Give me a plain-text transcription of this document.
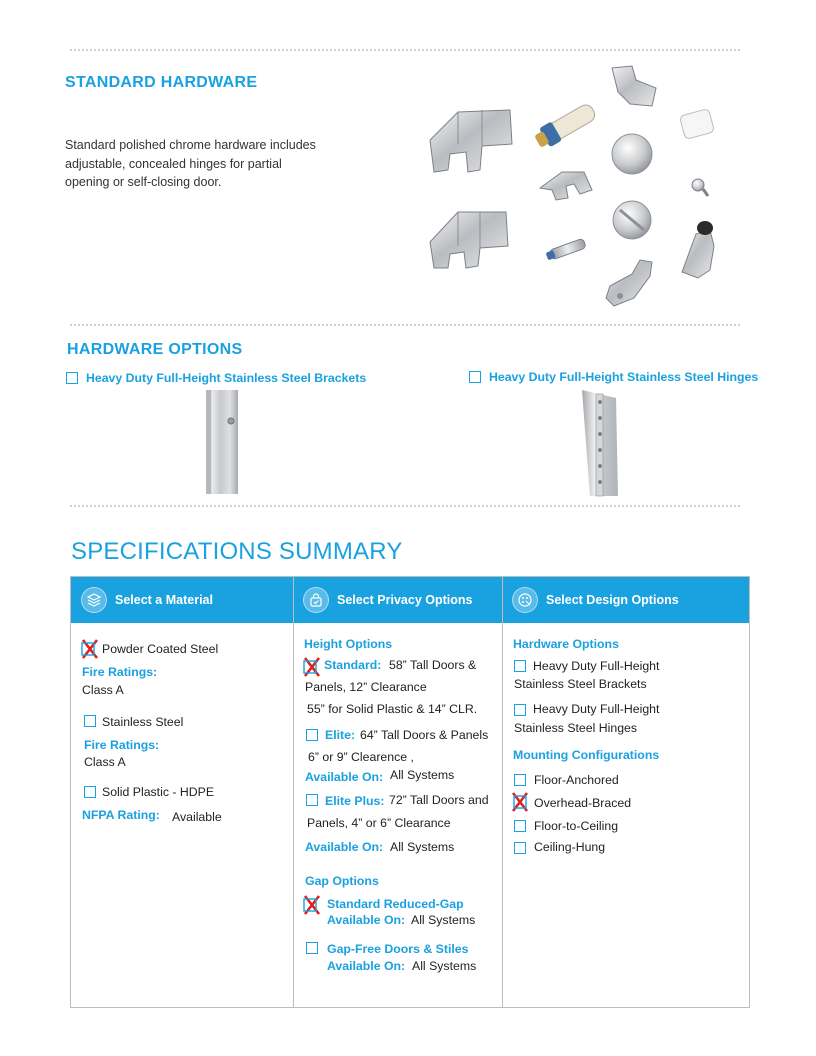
STANDARD HARDWARE
Standard polished chrome hardware includes adjustable, concealed hinges for partial opening or self-closing door.
HARDWARE OPTIONS
Heavy Duty Full-Height Stainless Steel Brackets	Heavy Duty Full-Height Stainless Steel Hinges
SPECIFICATIONS SUMMARY
Select a Material	Select Privacy Options	Select Design Options
Powder Coated Steel
Fire Ratings:
Class A
Stainless Steel
Fire Ratings:
Class A
Solid Plastic - HDPE
NFPA Rating: Available
Height Options
Standard: 58” Tall Doors &
Panels, 12” Clearance
55” for Solid Plastic & 14” CLR.
Elite: 64” Tall Doors & Panels
6” or 9” Clearence ,
Available On: All Systems
Elite Plus: 72” Tall Doors and
Panels, 4” or 6” Clearance
Available On: All Systems
Gap Options
Standard Reduced-Gap
Available On: All Systems
Gap-Free Doors & Stiles
Available On: All Systems
Hardware Options
Heavy Duty Full-Height
Stainless Steel Brackets
Heavy Duty Full-Height
Stainless Steel Hinges
Mounting Configurations
Floor-Anchored
Overhead-Braced
Floor-to-Ceiling
Ceiling-Hung
